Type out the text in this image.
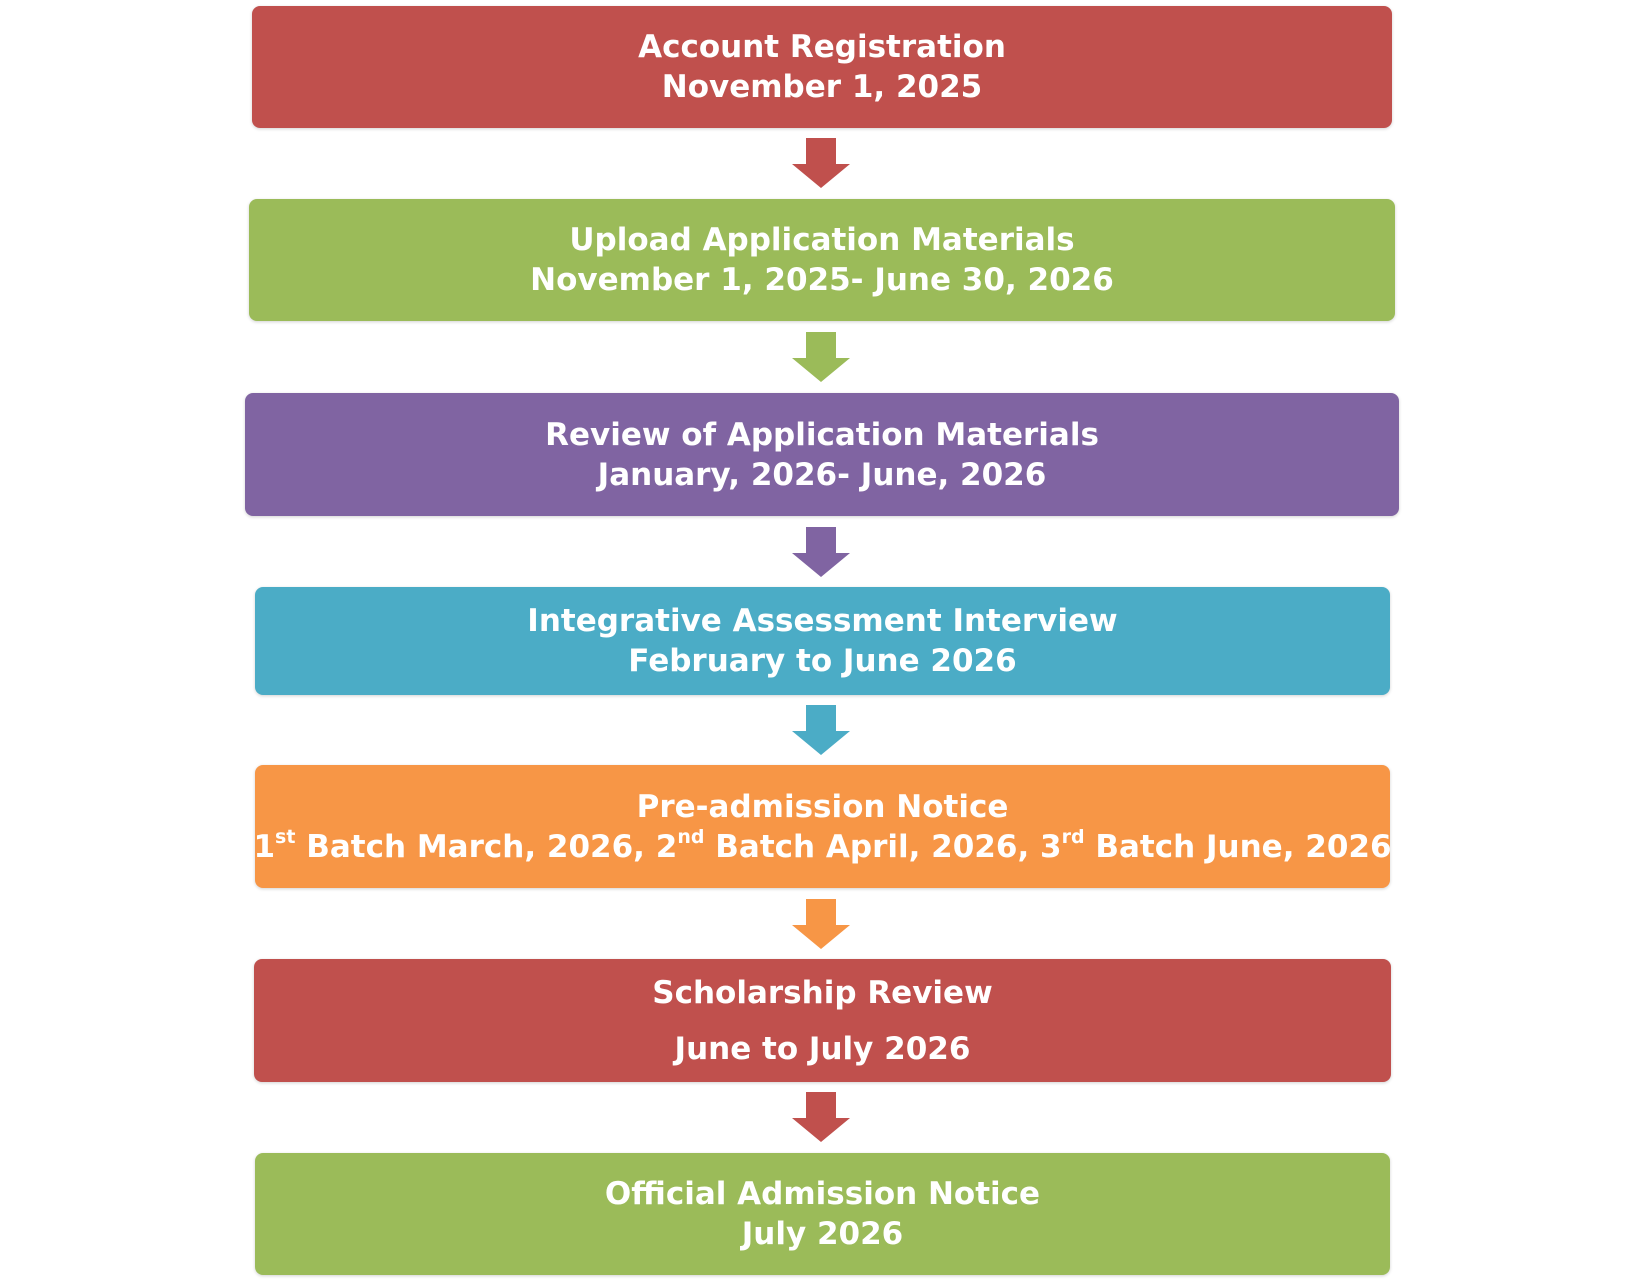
Account Registration
November 1, 2025
Upload Application Materials
November 1, 2025- June 30, 2026
Review of Application Materials
January, 2026- June, 2026
Integrative Assessment Interview
February to June 2026
Pre-admission Notice
1st Batch March, 2026, 2nd Batch April, 2026, 3rd Batch June, 2026
Scholarship Review
June to July 2026
Official Admission Notice
July 2026
